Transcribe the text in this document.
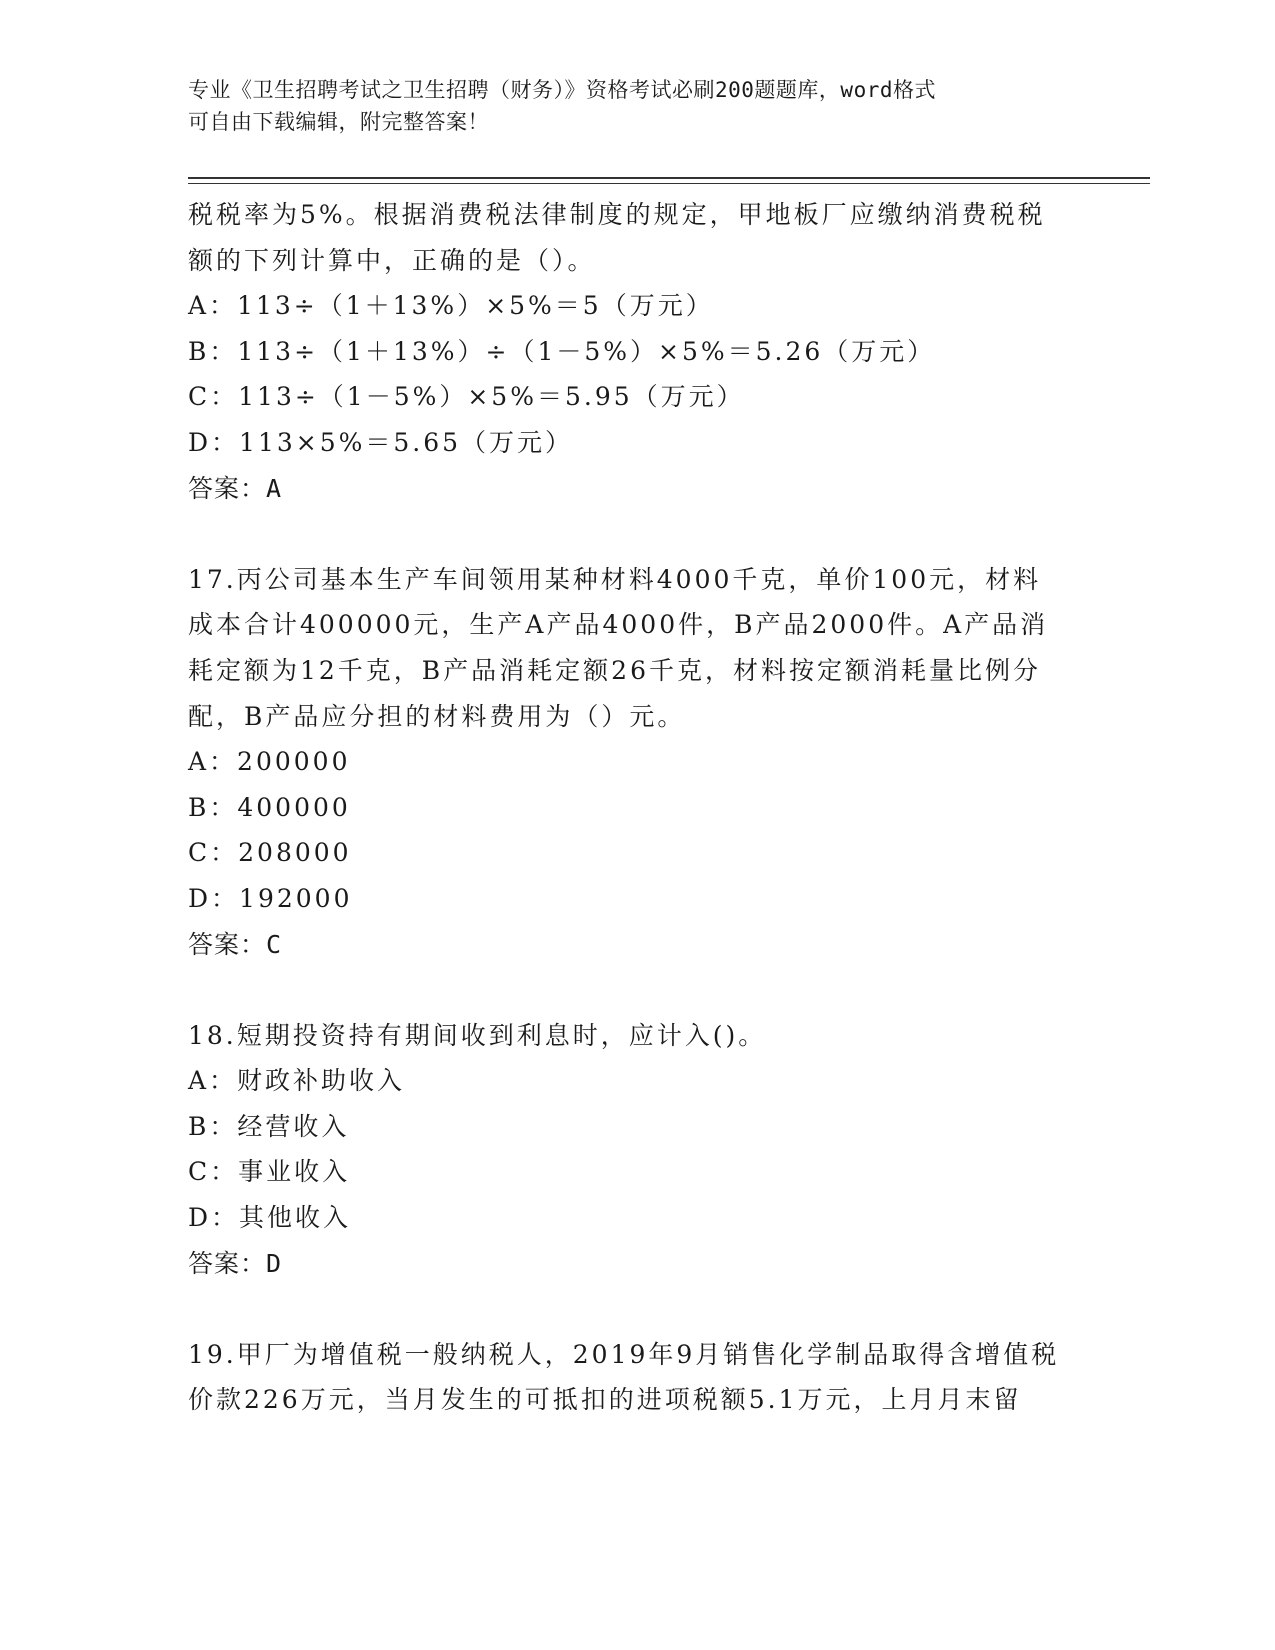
专业《卫生招聘考试之卫生招聘（财务）》资格考试必刷200题题库，word格式
可自由下载编辑，附完整答案！

税税率为5%。根据消费税法律制度的规定，甲地板厂应缴纳消费税税

额的下列计算中，正确的是（）。

A：113÷（1＋13%）×5%＝5（万元）

B：113÷（1＋13%）÷（1－5%）×5%＝5.26（万元）

C：113÷（1－5%）×5%＝5.95（万元）

D：113×5%＝5.65（万元）

答案：A

17.丙公司基本生产车间领用某种材料4000千克，单价100元，材料

成本合计400000元，生产A产品4000件，B产品2000件。A产品消

耗定额为12千克，B产品消耗定额26千克，材料按定额消耗量比例分

配，B产品应分担的材料费用为（）元。

A：200000

B：400000

C：208000

D：192000

答案：C

18.短期投资持有期间收到利息时，应计入()。

A：财政补助收入

B：经营收入

C：事业收入

D：其他收入

答案：D

19.甲厂为增值税一般纳税人，2019年9月销售化学制品取得含增值税

价款226万元，当月发生的可抵扣的进项税额5.1万元，上月月末留
